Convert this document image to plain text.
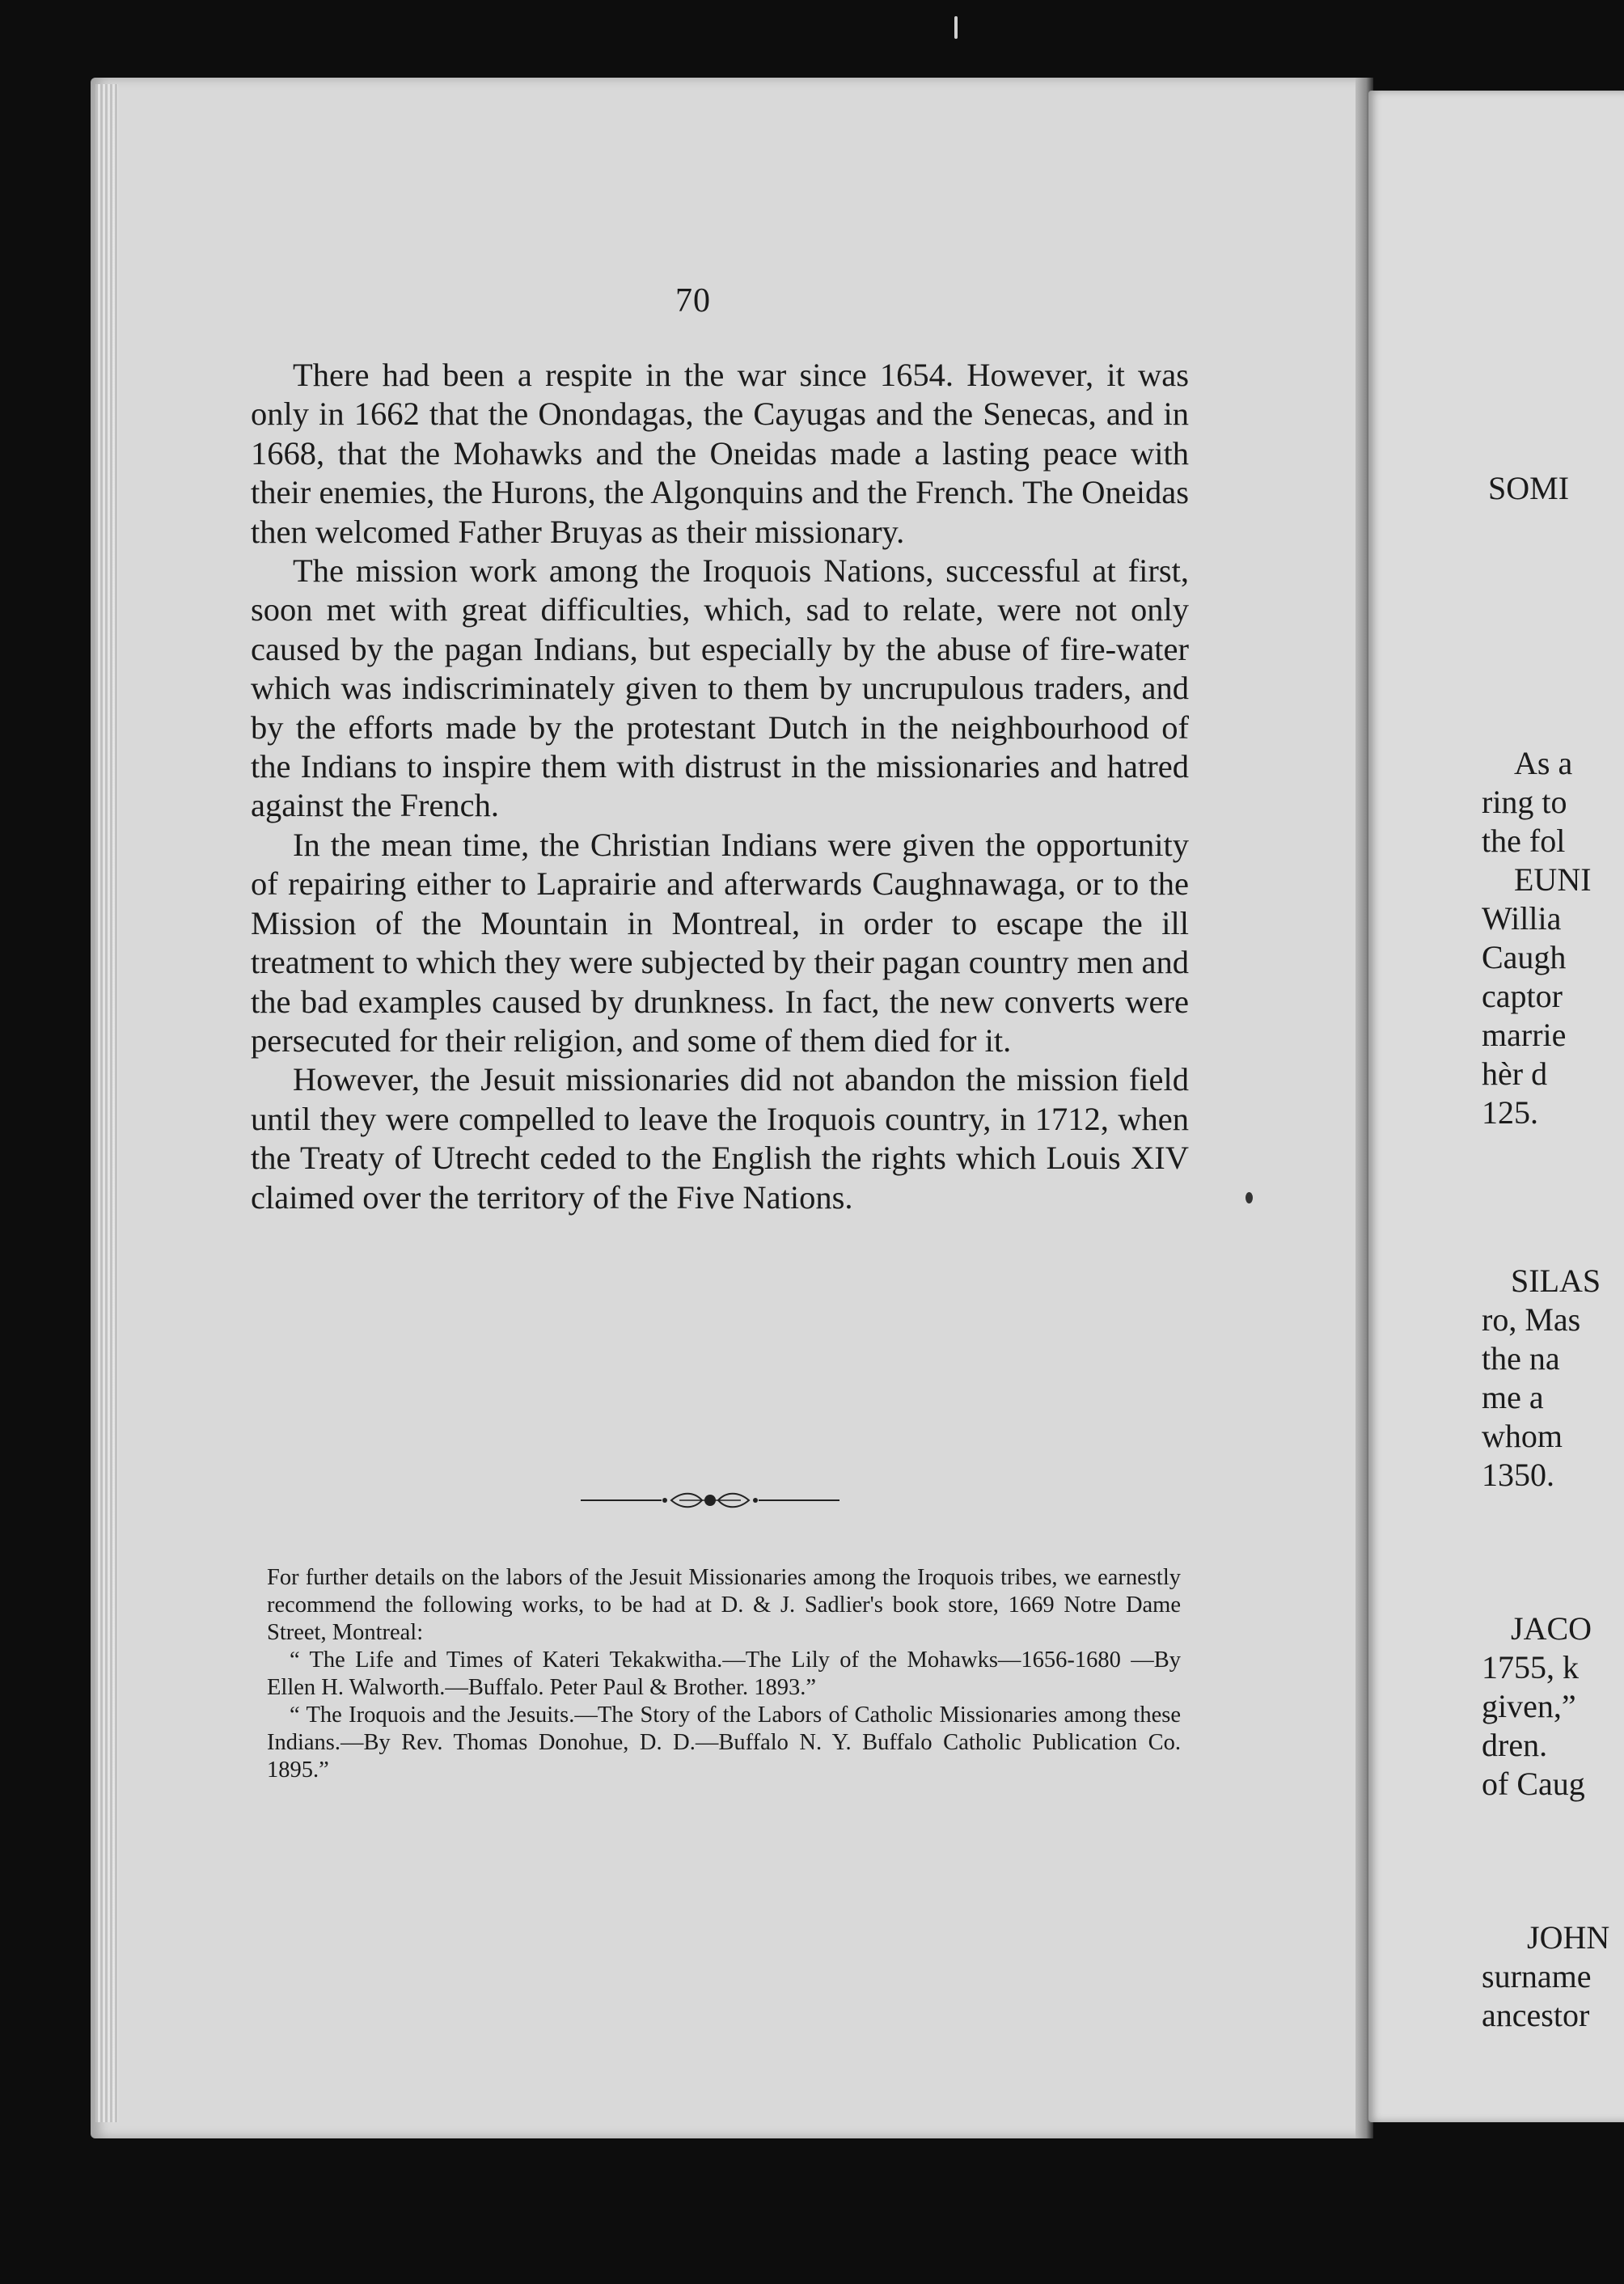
70

There had been a respite in the war since 1654. However, it was only in 1662 that the Onondagas, the Cayugas and the Senecas, and in 1668, that the Mohawks and the Oneidas made a lasting peace with their enemies, the Hurons, the Algonquins and the French. The Oneidas then welcomed Father Bruyas as their missionary.

The mission work among the Iroquois Nations, successful at first, soon met with great difficulties, which, sad to relate, were not only caused by the pagan Indians, but especially by the abuse of fire-water which was indiscriminately given to them by uncrupulous traders, and by the efforts made by the protestant Dutch in the neighbourhood of the Indians to inspire them with distrust in the missionaries and hatred against the French.

In the mean time, the Christian Indians were given the opportunity of repairing either to Laprairie and afterwards Caughnawaga, or to the Mission of the Mountain in Montreal, in order to escape the ill treatment to which they were subjected by their pagan country men and the bad examples caused by drunkness. In fact, the new converts were persecuted for their religion, and some of them died for it.

However, the Jesuit missionaries did not abandon the mission field until they were compelled to leave the Iroquois country, in 1712, when the Treaty of Utrecht ceded to the English the rights which Louis XIV claimed over the territory of the Five Nations.

For further details on the labors of the Jesuit Missionaries among the Iroquois tribes, we earnestly recommend the following works, to be had at D. & J. Sadlier's book store, 1669 Notre Dame Street, Montreal:

“ The Life and Times of Kateri Tekakwitha.—The Lily of the Mohawks—1656-1680 —By Ellen H. Walworth.—Buffalo. Peter Paul & Brother. 1893.”

“ The Iroquois and the Jesuits.—The Story of the Labors of Catholic Missionaries among these Indians.—By Rev. Thomas Donohue, D. D.—Buffalo N. Y. Buffalo Catholic Publication Co. 1895.”

SOMI
As a
ring to
the fol
EUNI
Willia
Caugh
captor
marrie
hèr d
125.
SILAS
ro, Mas
the na
me a
whom
1350.
JACO
1755, k
given,”
dren.
of Caug
JOHN
surname
ancestor
